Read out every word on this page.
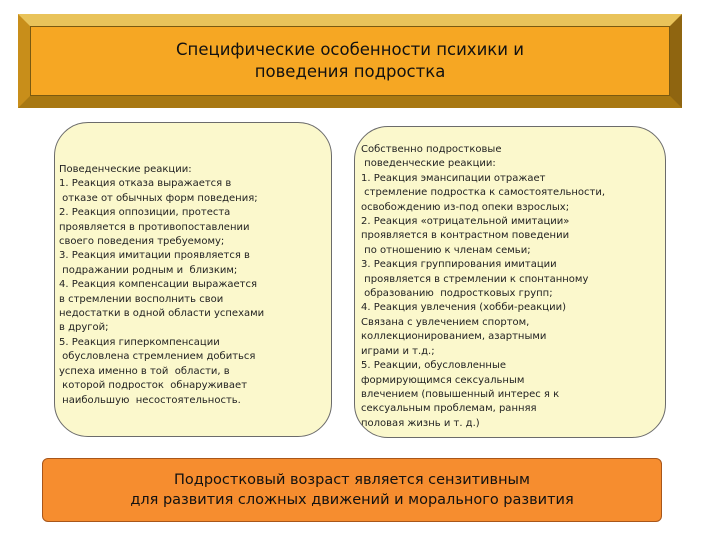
Специфические особенности психики и
поведения подростка
Поведенческие реакции:
1. Реакция отказа выражается в
отказе от обычных форм поведения;
2. Реакция оппозиции, протеста
проявляется в противопоставлении
своего поведения требуемому;
3. Реакция имитации проявляется в
подражании родным и  близким;
4. Реакция компенсации выражается
в стремлении восполнить свои
недостатки в одной области успехами
в другой;
5. Реакция гиперкомпенсации
обусловлена стремлением добиться
успеха именно в той  области, в
которой подросток  обнаруживает
наибольшую  несостоятельность.
Собственно подростковые
поведенческие реакции:
1. Реакция эмансипации отражает
стремление подростка к самостоятельности,
освобождению из-под опеки взрослых;
2. Реакция «отрицательной имитации»
проявляется в контрастном поведении
по отношению к членам семьи;
3. Реакция группирования имитации
проявляется в стремлении к спонтанному
образованию  подростковых групп;
4. Реакция увлечения (хобби-реакции)
Связана с увлечением спортом,
коллекционированием, азартными
играми и т.д.;
5. Реакции, обусловленные
формирующимся сексуальным
влечением (повышенный интерес я к
сексуальным проблемам, ранняя
половая жизнь и т. д.)
Подростковый возраст является сензитивным
для развития сложных движений и морального развития
